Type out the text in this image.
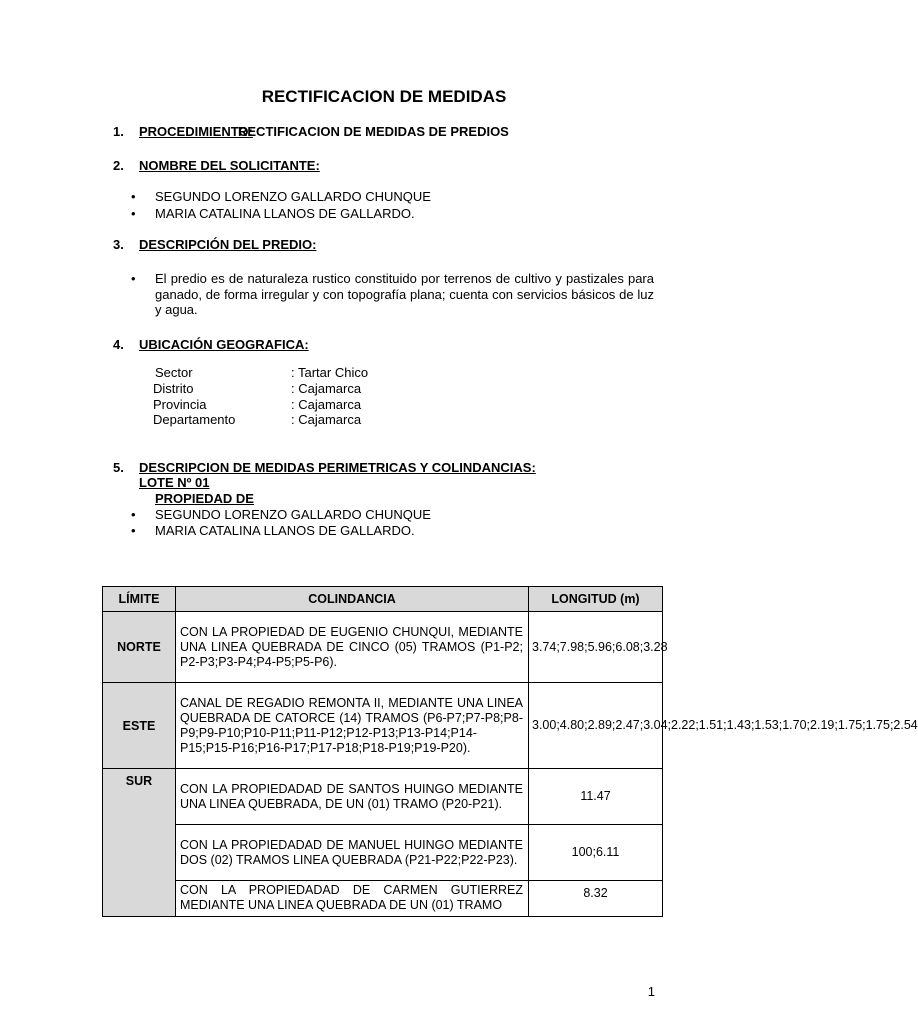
RECTIFICACION DE MEDIDAS
1. PROCEDIMIENTO:
RECTIFICACION DE MEDIDAS DE PREDIOS
2. NOMBRE DEL SOLICITANTE:
• SEGUNDO LORENZO GALLARDO CHUNQUE
• MARIA CATALINA LLANOS DE GALLARDO.
3. DESCRIPCIÓN DEL PREDIO:
• El predio es de naturaleza rustico constituido por terrenos de cultivo y pastizales para ganado, de forma irregular y con topografía plana; cuenta con servicios básicos de luz y agua.
4. UBICACIÓN GEOGRAFICA:
Sector	: Tartar Chico
Distrito	: Cajamarca
Provincia	: Cajamarca
Departamento	: Cajamarca
5. DESCRIPCION DE MEDIDAS PERIMETRICAS Y COLINDANCIAS:
LOTE Nº 01
PROPIEDAD DE
• SEGUNDO LORENZO GALLARDO CHUNQUE
• MARIA CATALINA LLANOS DE GALLARDO.
LÍMITE	COLINDANCIA	LONGITUD (m)
NORTE	CON LA PROPIEDAD DE EUGENIO CHUNQUI, MEDIANTE UNA LINEA QUEBRADA DE CINCO (05) TRAMOS (P1-P2; P2-P3;P3-P4;P4-P5;P5-P6).	3.74;7.98;5.96;6.08;3.28
ESTE	CANAL DE REGADIO REMONTA II, MEDIANTE UNA LINEA QUEBRADA DE CATORCE (14) TRAMOS (P6-P7;P7-P8;P8-P9;P9-P10;P10-P11;P11-P12;P12-P13;P13-P14;P14-P15;P15-P16;P16-P17;P17-P18;P18-P19;P19-P20).	3.00;4.80;2.89;2.47;3.04;2.22;1.51;1.43;1.53;1.70;2.19;1.75;1.75;2.54
SUR	CON LA PROPIEDADAD DE SANTOS HUINGO MEDIANTE UNA LINEA QUEBRADA, DE UN (01) TRAMO (P20-P21).	11.47
	CON LA PROPIEDADAD DE MANUEL HUINGO MEDIANTE DOS (02) TRAMOS LINEA QUEBRADA (P21-P22;P22-P23).	100;6.11
	CON LA PROPIEDADAD DE CARMEN GUTIERREZ MEDIANTE UNA LINEA QUEBRADA DE UN (01) TRAMO	8.32
1
